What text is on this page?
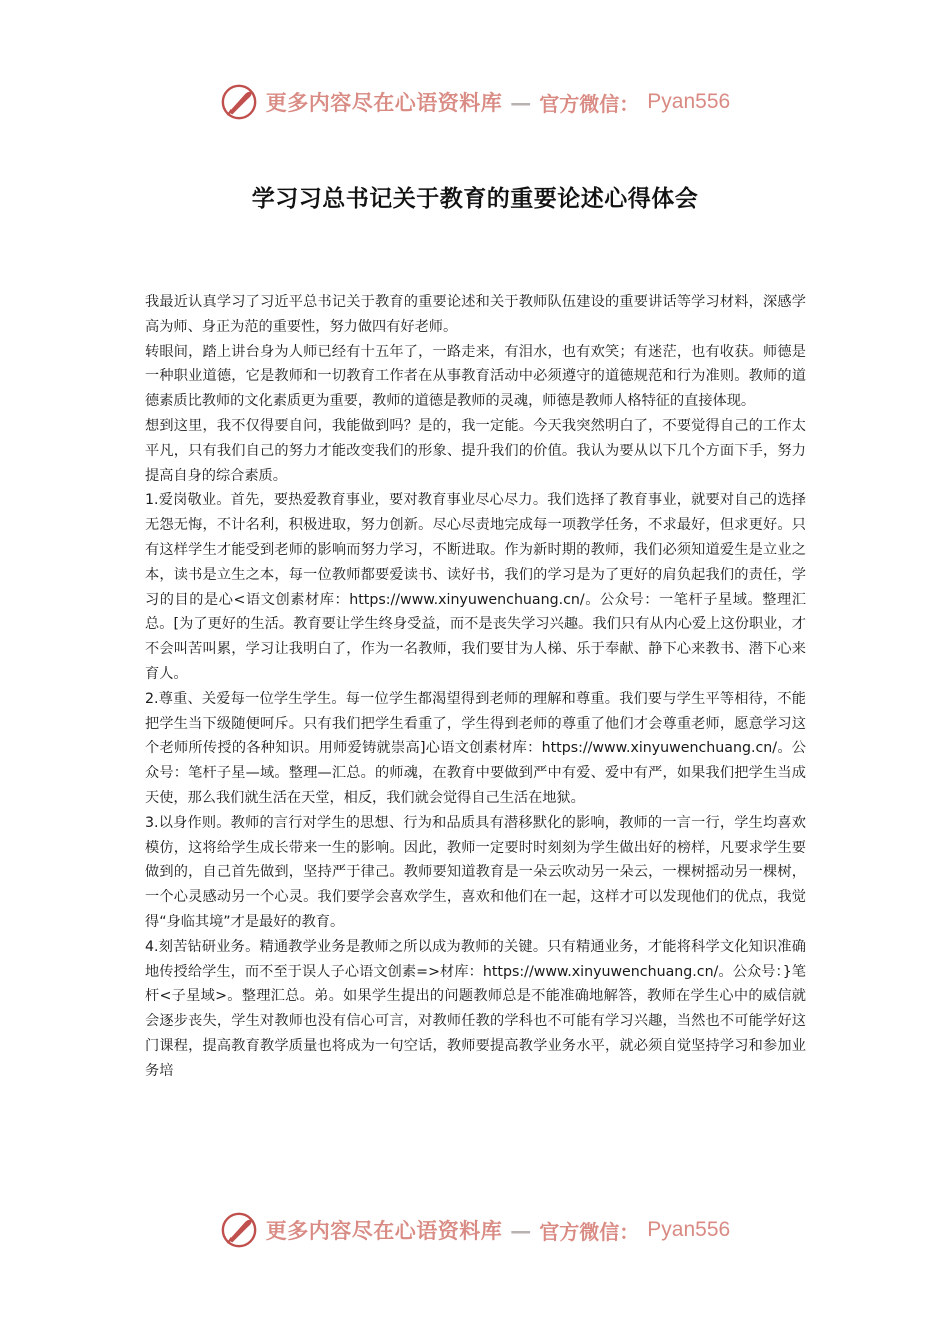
更多内容尽在心语资料库 — 官方微信： Pyan556
学习习总书记关于教育的重要论述心得体会

我最近认真学习了习近平总书记关于教育的重要论述和关于教师队伍建设的重要讲话等学习材料，深感学高为师、身正为范的重要性，努力做四有好老师。

转眼间，踏上讲台身为人师已经有十五年了，一路走来，有泪水，也有欢笑；有迷茫，也有收获。师德是一种职业道德，它是教师和一切教育工作者在从事教育活动中必须遵守的道德规范和行为准则。教师的道德素质比教师的文化素质更为重要，教师的道德是教师的灵魂，师德是教师人格特征的直接体现。

想到这里，我不仅得要自问，我能做到吗？是的，我一定能。今天我突然明白了，不要觉得自己的工作太平凡，只有我们自己的努力才能改变我们的形象、提升我们的价值。我认为要从以下几个方面下手，努力提高自身的综合素质。

1.爱岗敬业。首先，要热爱教育事业，要对教育事业尽心尽力。我们选择了教育事业，就要对自己的选择无怨无悔，不计名利，积极进取，努力创新。尽心尽责地完成每一项教学任务，不求最好，但求更好。只有这样学生才能受到老师的影响而努力学习，不断进取。作为新时期的教师，我们必须知道爱生是立业之本，读书是立生之本，每一位教师都要爱读书、读好书，我们的学习是为了更好的肩负起我们的责任，学习的目的是心<语文创素材库：https://www.xinyuwenchuang.cn/。公众号：一笔杆子星域。整理汇总。[为了更好的生活。教育要让学生终身受益，而不是丧失学习兴趣。我们只有从内心爱上这份职业，才不会叫苦叫累，学习让我明白了，作为一名教师，我们要甘为人梯、乐于奉献、静下心来教书、潜下心来育人。

2.尊重、关爱每一位学生学生。每一位学生都渴望得到老师的理解和尊重。我们要与学生平等相待，不能把学生当下级随便呵斥。只有我们把学生看重了，学生得到老师的尊重了他们才会尊重老师，愿意学习这个老师所传授的各种知识。用师爱铸就崇高]心语文创素材库：https://www.xinyuwenchuang.cn/。公众号：笔杆子星—域。整理—汇总。的师魂，在教育中要做到严中有爱、爱中有严，如果我们把学生当成天使，那么我们就生活在天堂，相反，我们就会觉得自己生活在地狱。

3.以身作则。教师的言行对学生的思想、行为和品质具有潜移默化的影响，教师的一言一行，学生均喜欢模仿，这将给学生成长带来一生的影响。因此，教师一定要时时刻刻为学生做出好的榜样，凡要求学生要做到的，自己首先做到，坚持严于律己。教师要知道教育是一朵云吹动另一朵云，一棵树摇动另一棵树，一个心灵感动另一个心灵。我们要学会喜欢学生，喜欢和他们在一起，这样才可以发现他们的优点，我觉得“身临其境”才是最好的教育。

4.刻苦钻研业务。精通教学业务是教师之所以成为教师的关键。只有精通业务，才能将科学文化知识准确地传授给学生，而不至于误人子心语文创素=>材库：https://www.xinyuwenchuang.cn/。公众号：}笔杆<子星域>。整理汇总。弟。如果学生提出的问题教师总是不能准确地解答，教师在学生心中的威信就会逐步丧失，学生对教师也没有信心可言，对教师任教的学科也不可能有学习兴趣，当然也不可能学好这门课程，提高教育教学质量也将成为一句空话，教师要提高教学业务水平，就必须自觉坚持学习和参加业务培

更多内容尽在心语资料库 — 官方微信： Pyan556
